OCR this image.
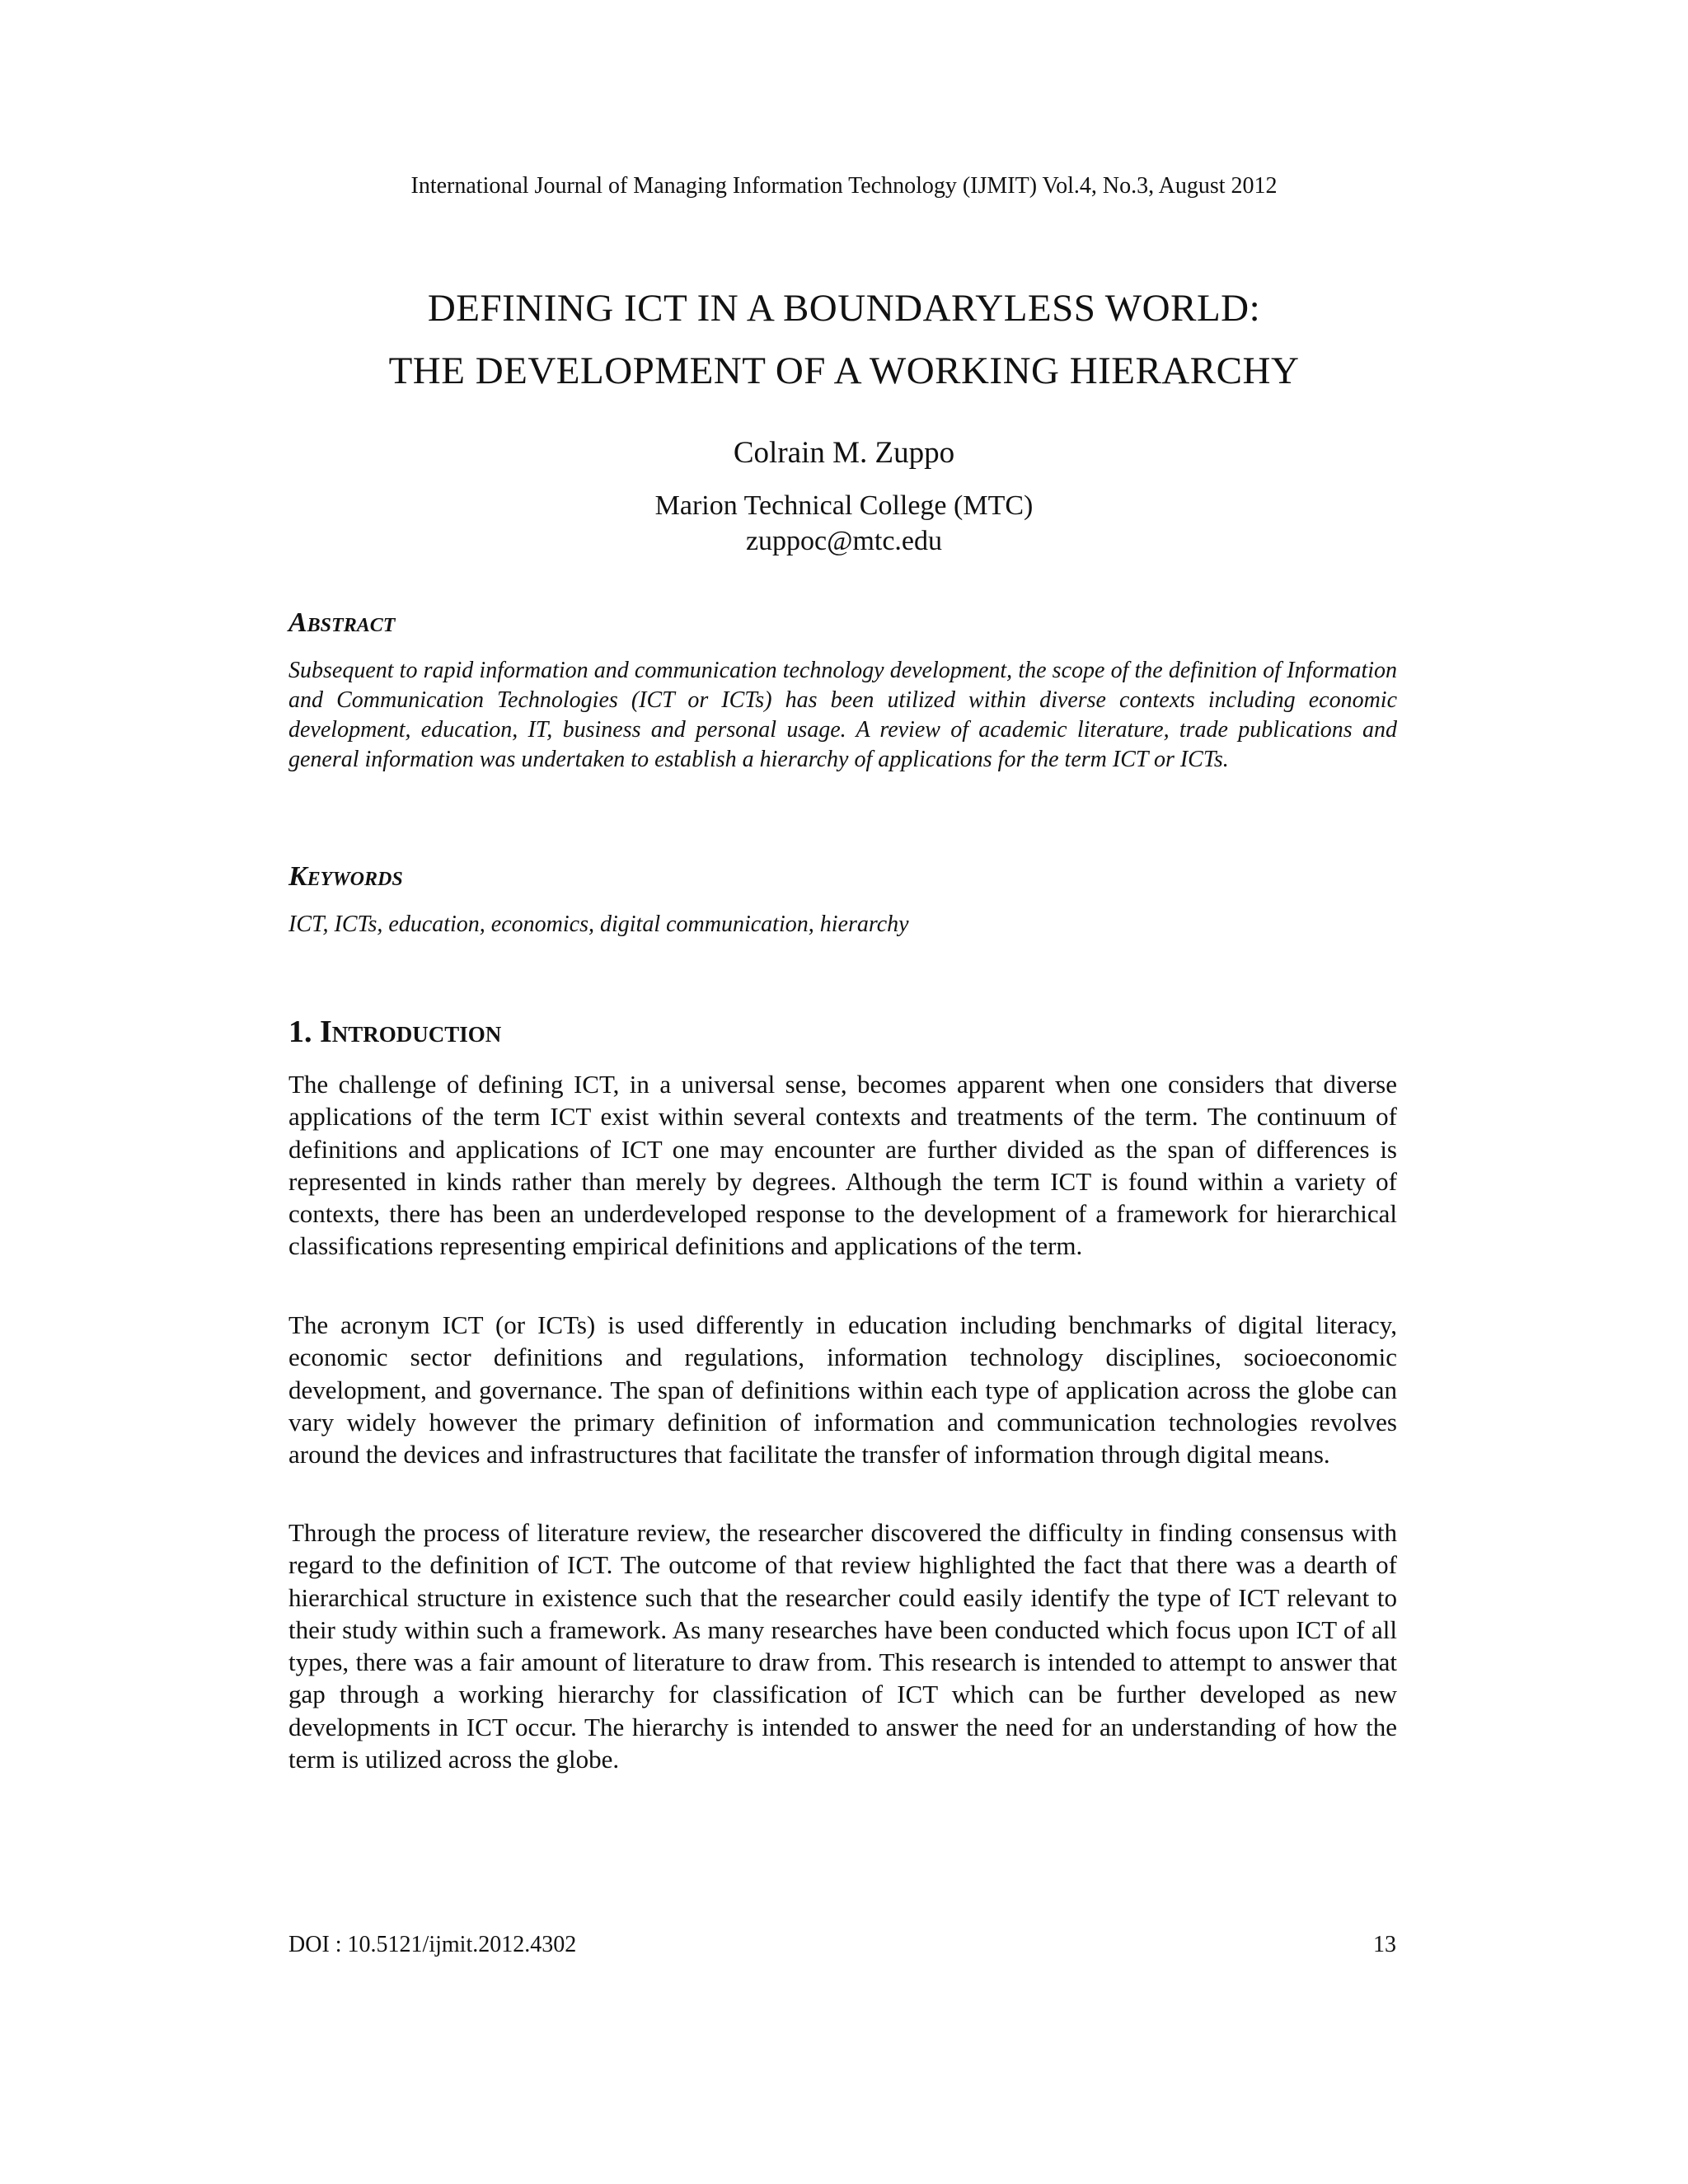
International Journal of Managing Information Technology (IJMIT) Vol.4, No.3, August 2012
DEFINING ICT IN A BOUNDARYLESS WORLD:
THE DEVELOPMENT OF A WORKING HIERARCHY
Colrain M. Zuppo
Marion Technical College (MTC)
zuppoc@mtc.edu
Abstract

Subsequent to rapid information and communication technology development, the scope of the definition of Information and Communication Technologies (ICT or ICTs) has been utilized within diverse contexts including economic development, education, IT, business and personal usage. A review of academic literature, trade publications and general information was undertaken to establish a hierarchy of applications for the term ICT or ICTs.

Keywords

ICT, ICTs, education, economics, digital communication, hierarchy

1. Introduction

The challenge of defining ICT, in a universal sense, becomes apparent when one considers that diverse applications of the term ICT exist within several contexts and treatments of the term. The continuum of definitions and applications of ICT one may encounter are further divided as the span of differences is represented in kinds rather than merely by degrees. Although the term ICT is found within a variety of contexts, there has been an underdeveloped response to the development of a framework for hierarchical classifications representing empirical definitions and applications of the term.

The acronym ICT (or ICTs) is used differently in education including benchmarks of digital literacy, economic sector definitions and regulations, information technology disciplines, socioeconomic development, and governance. The span of definitions within each type of application across the globe can vary widely however the primary definition of information and communication technologies revolves around the devices and infrastructures that facilitate the transfer of information through digital means.

Through the process of literature review, the researcher discovered the difficulty in finding consensus with regard to the definition of ICT. The outcome of that review highlighted the fact that there was a dearth of hierarchical structure in existence such that the researcher could easily identify the type of ICT relevant to their study within such a framework. As many researches have been conducted which focus upon ICT of all types, there was a fair amount of literature to draw from. This research is intended to attempt to answer that gap through a working hierarchy for classification of ICT which can be further developed as new developments in ICT occur. The hierarchy is intended to answer the need for an understanding of how the term is utilized across the globe.

DOI : 10.5121/ijmit.2012.4302	13
